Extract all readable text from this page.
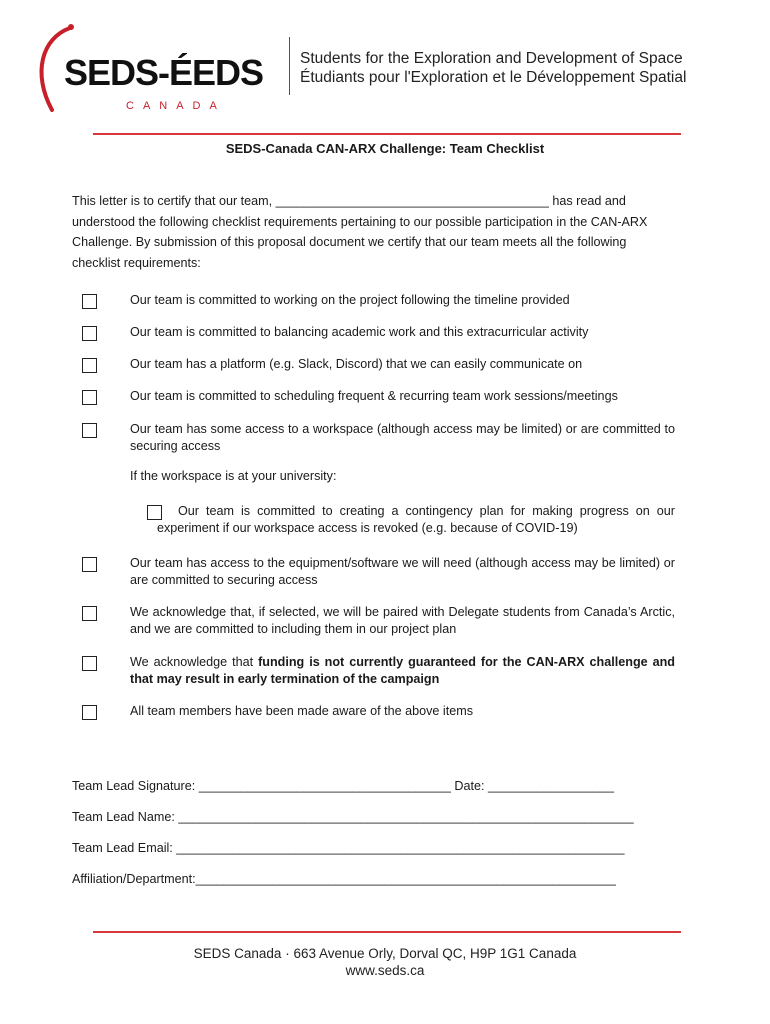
SEDS-ÉEDS
CANADA
Students for the Exploration and Development of Space
Étudiants pour l'Exploration et le Développement Spatial
SEDS-Canada CAN-ARX Challenge: Team Checklist
This letter is to certify that our team, _______________________________________ has read and understood the following checklist requirements pertaining to our possible participation in the CAN-ARX Challenge. By submission of this proposal document we certify that our team meets all the following checklist requirements:
Our team is committed to working on the project following the timeline provided
Our team is committed to balancing academic work and this extracurricular activity
Our team has a platform (e.g. Slack, Discord) that we can easily communicate on
Our team is committed to scheduling frequent & recurring team work sessions/meetings
Our team has some access to a workspace (although access may be limited) or are committed to securing access
If the workspace is at your university:
Our team is committed to creating a contingency plan for making progress on our experiment if our workspace access is revoked (e.g. because of COVID-19)
Our team has access to the equipment/software we will need (although access may be limited) or are committed to securing access
We acknowledge that, if selected, we will be paired with Delegate students from Canada’s Arctic, and we are committed to including them in our project plan
We acknowledge that funding is not currently guaranteed for the CAN-ARX challenge and that may result in early termination of the campaign
All team members have been made aware of the above items
Team Lead Signature: ____________________________________ Date: __________________
Team Lead Name: _________________________________________________________________
Team Lead Email: ________________________________________________________________
Affiliation/Department:____________________________________________________________
SEDS Canada · 663 Avenue Orly, Dorval QC, H9P 1G1 Canada
www.seds.ca
